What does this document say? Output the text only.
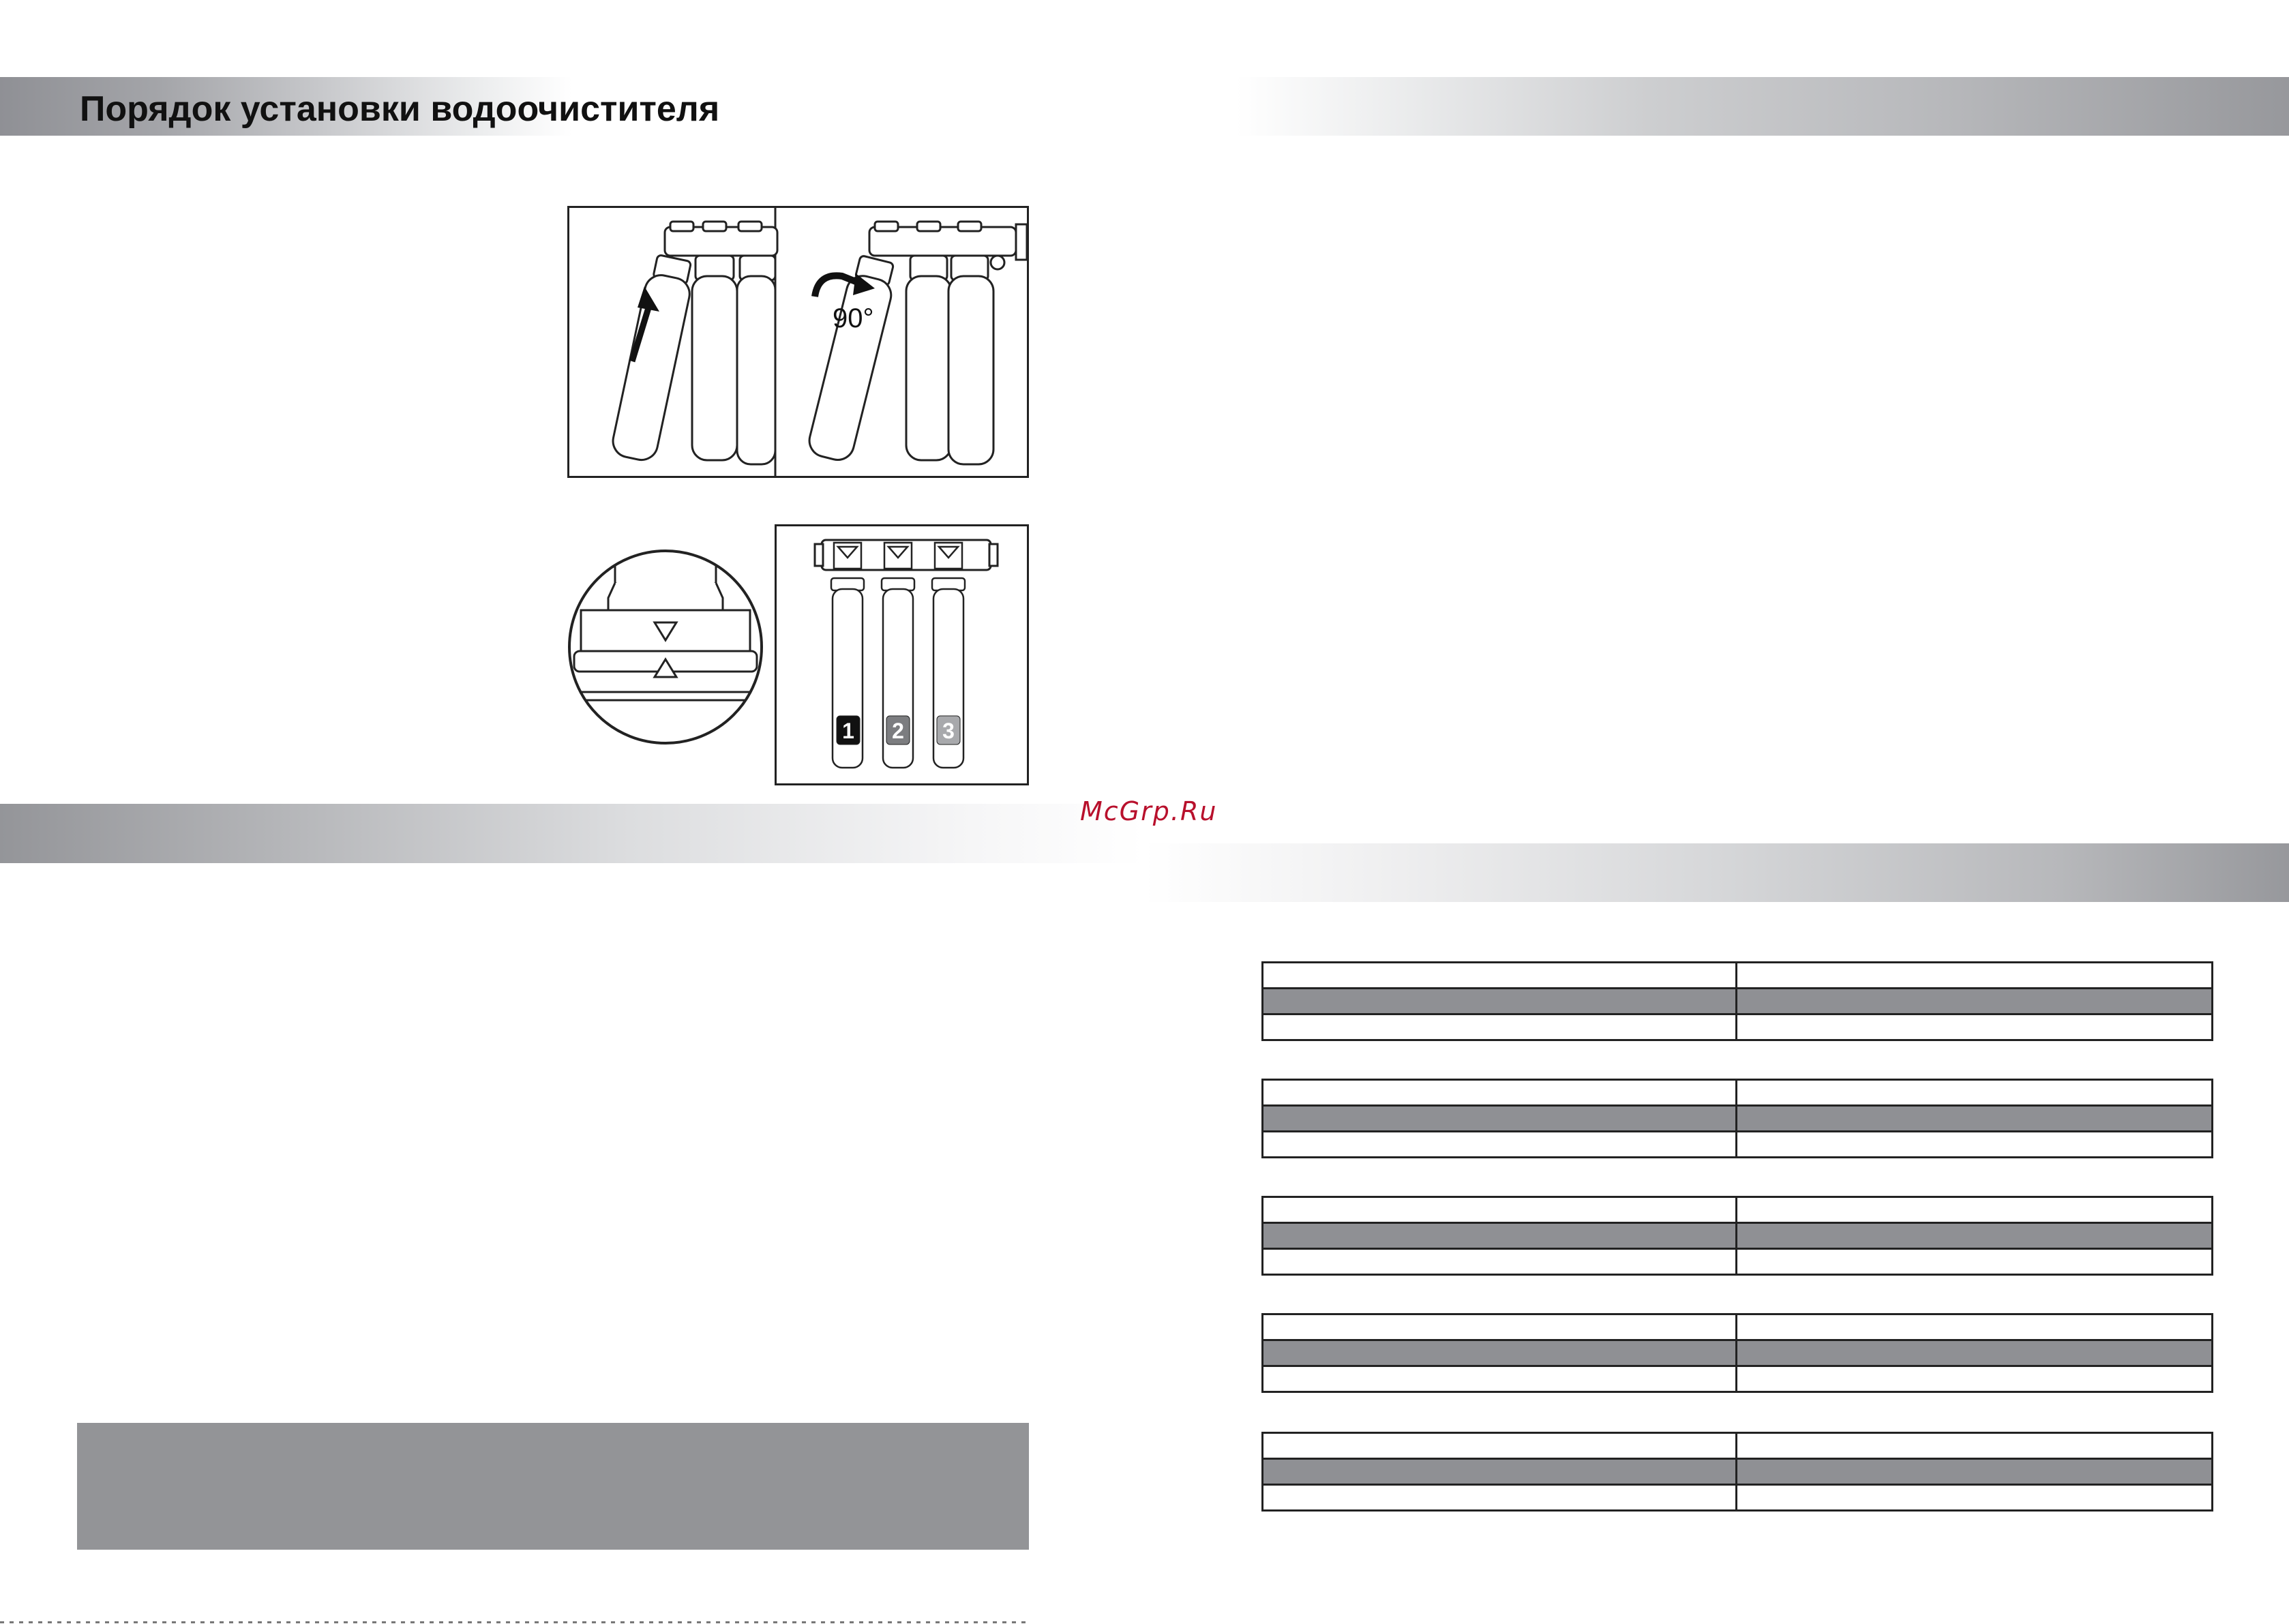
Порядок установки водоочистителя
90°
1 2 3
McGrp.Ru
